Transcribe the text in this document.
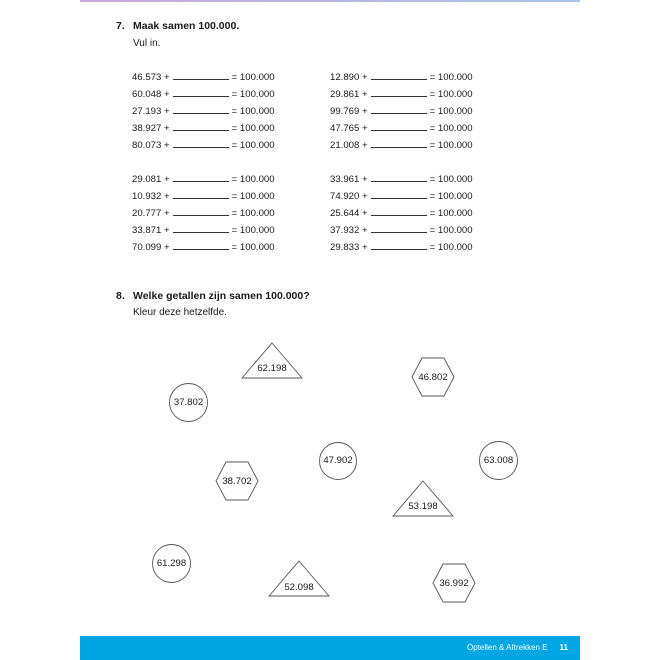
7. Maak samen 100.000.
Vul in.
46.573 +	= 100.000
60.048 +	= 100.000
27.193 +	= 100.000
38.927 +	= 100.000
80.073 +	= 100.000
29.081 +	= 100.000
10.932 +	= 100.000
20.777 +	= 100.000
33.871 +	= 100.000
70.099 +	= 100.000
12.890 +	= 100.000
29.861 +	= 100.000
99.769 +	= 100.000
47.765 +	= 100.000
21.008 +	= 100.000
33.961 +	= 100.000
74.920 +	= 100.000
25.644 +	= 100.000
37.932 +	= 100.000
29.833 +	= 100.000
8. Welke getallen zijn samen 100.000?
Kleur deze hetzelfde.
62.198
46.802
37.802
47.902	63.008
38.702
53.198
61.298
52.098	36.992
Optellen & Aftrekken E 11
